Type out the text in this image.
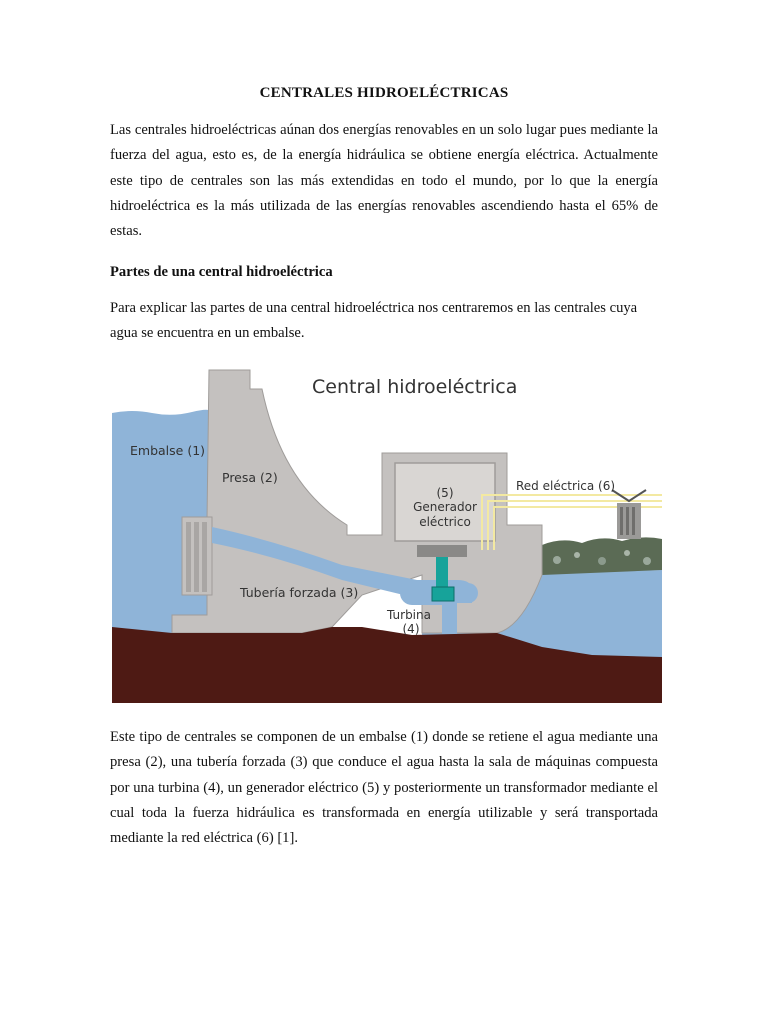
CENTRALES HIDROELÉCTRICAS

Las centrales hidroeléctricas aúnan dos energías renovables en un solo lugar pues mediante la fuerza del agua, esto es, de la energía hidráulica se obtiene energía eléctrica. Actualmente este tipo de centrales son las más extendidas en todo el mundo, por lo que la energía hidroeléctrica es la más utilizada de las energías renovables ascendiendo hasta el 65% de estas.

Partes de una central hidroeléctrica

Para explicar las partes de una central hidroeléctrica nos centraremos en las centrales cuya agua se encuentra en un embalse.

Central hidroeléctrica
Embalse (1)
Presa (2)
(5)
Generador
eléctrico
Red eléctrica (6)
Tubería forzada (3)
Turbina
(4)

Este tipo de centrales se componen de un embalse (1) donde se retiene el agua mediante una presa (2), una tubería forzada (3) que conduce el agua hasta la sala de máquinas compuesta por una turbina (4), un generador eléctrico (5) y posteriormente un transformador mediante el cual toda la fuerza hidráulica es transformada en energía utilizable y será transportada mediante la red eléctrica (6) [1].
